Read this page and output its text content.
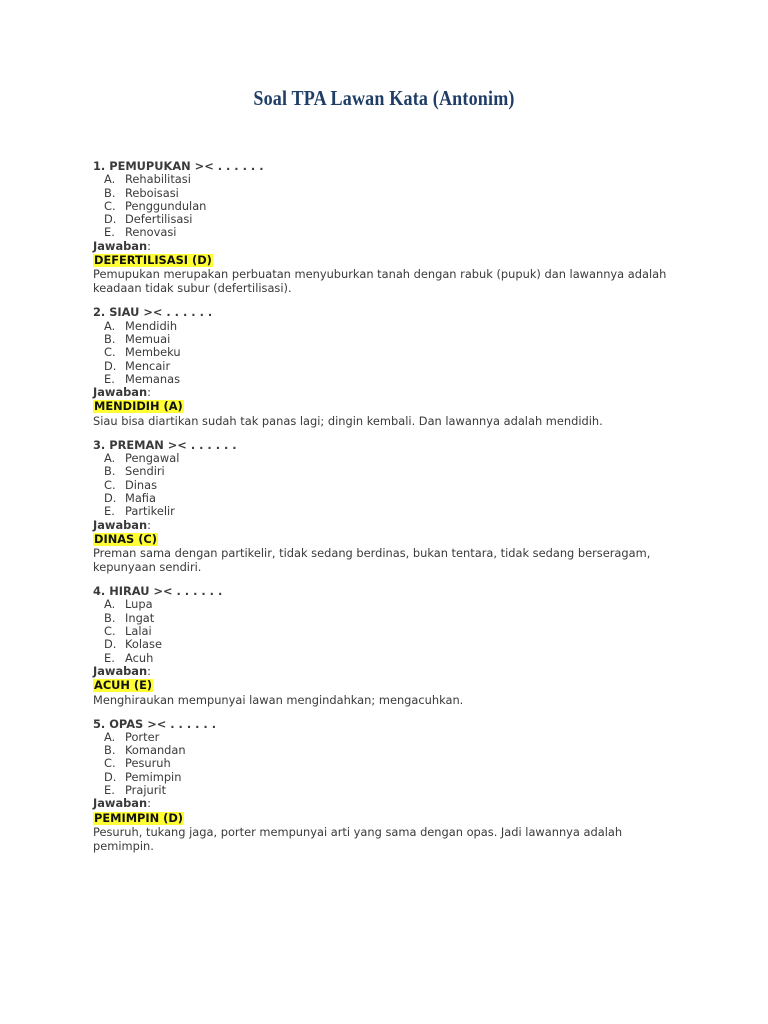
Soal TPA Lawan Kata (Antonim)
1. PEMUPUKAN >< . . . . . .
A. Rehabilitasi
B. Reboisasi
C. Penggundulan
D. Defertilisasi
E. Renovasi
Jawaban:
DEFERTILISASI (D)
Pemupukan merupakan perbuatan menyuburkan tanah dengan rabuk (pupuk) dan lawannya adalah keadaan tidak subur (defertilisasi).
2. SIAU >< . . . . . .
A. Mendidih
B. Memuai
C. Membeku
D. Mencair
E. Memanas
Jawaban:
MENDIDIH (A)
Siau bisa diartikan sudah tak panas lagi; dingin kembali. Dan lawannya adalah mendidih.
3. PREMAN >< . . . . . .
A. Pengawal
B. Sendiri
C. Dinas
D. Mafia
E. Partikelir
Jawaban:
DINAS (C)
Preman sama dengan partikelir, tidak sedang berdinas, bukan tentara, tidak sedang berseragam, kepunyaan sendiri.
4. HIRAU >< . . . . . .
A. Lupa
B. Ingat
C. Lalai
D. Kolase
E. Acuh
Jawaban:
ACUH (E)
Menghiraukan mempunyai lawan mengindahkan; mengacuhkan.
5. OPAS >< . . . . . .
A. Porter
B. Komandan
C. Pesuruh
D. Pemimpin
E. Prajurit
Jawaban:
PEMIMPIN (D)
Pesuruh, tukang jaga, porter mempunyai arti yang sama dengan opas. Jadi lawannya adalah pemimpin.
